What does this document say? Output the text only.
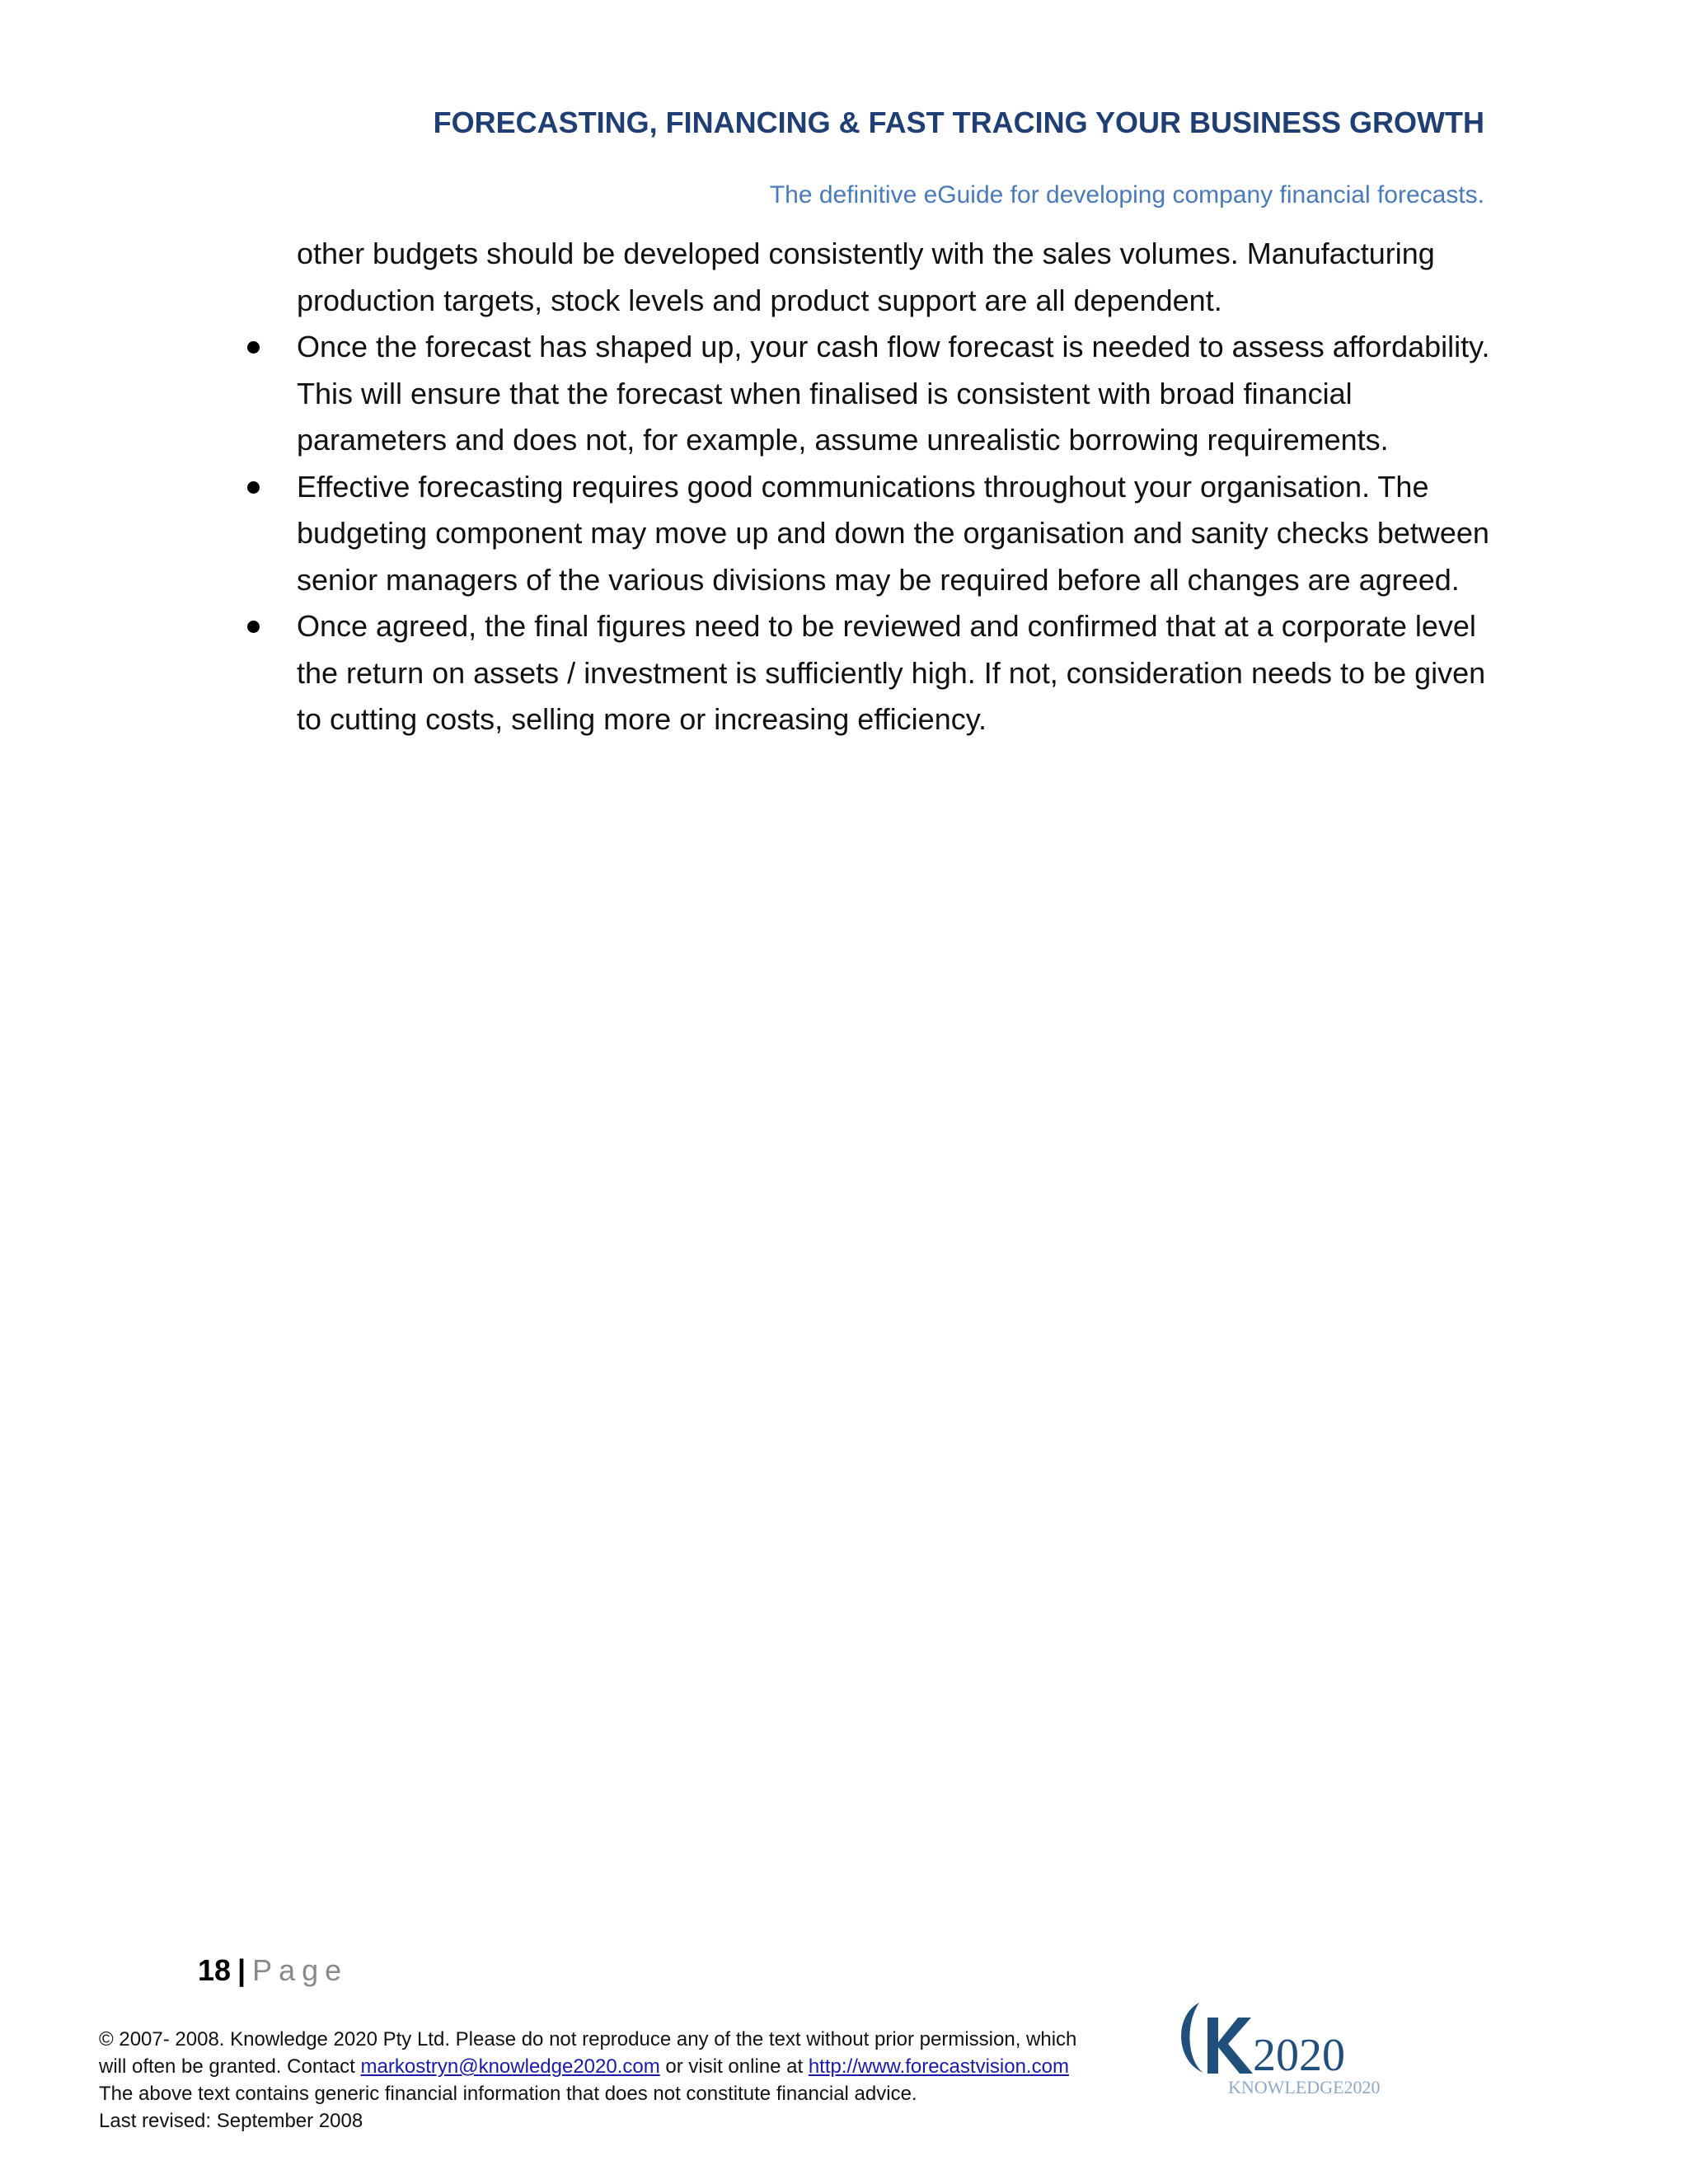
FORECASTING, FINANCING & FAST TRACING YOUR BUSINESS GROWTH
The definitive eGuide for developing company financial forecasts.

other budgets should be developed consistently with the sales volumes. Manufacturing production targets, stock levels and product support are all dependent.

Once the forecast has shaped up, your cash flow forecast is needed to assess affordability. This will ensure that the forecast when finalised is consistent with broad financial parameters and does not, for example, assume unrealistic borrowing requirements.
Effective forecasting requires good communications throughout your organisation. The budgeting component may move up and down the organisation and sanity checks between senior managers of the various divisions may be required before all changes are agreed.
Once agreed, the final figures need to be reviewed and confirmed that at a corporate level the return on assets / investment is sufficiently high. If not, consideration needs to be given to cutting costs, selling more or increasing efficiency.
18 | Page
© 2007- 2008. Knowledge 2020 Pty Ltd. Please do not reproduce any of the text without prior permission, which
will often be granted. Contact markostryn@knowledge2020.com or visit online at http://www.forecastvision.com
The above text contains generic financial information that does not constitute financial advice.
Last revised: September 2008
2020
KNOWLEDGE2020
